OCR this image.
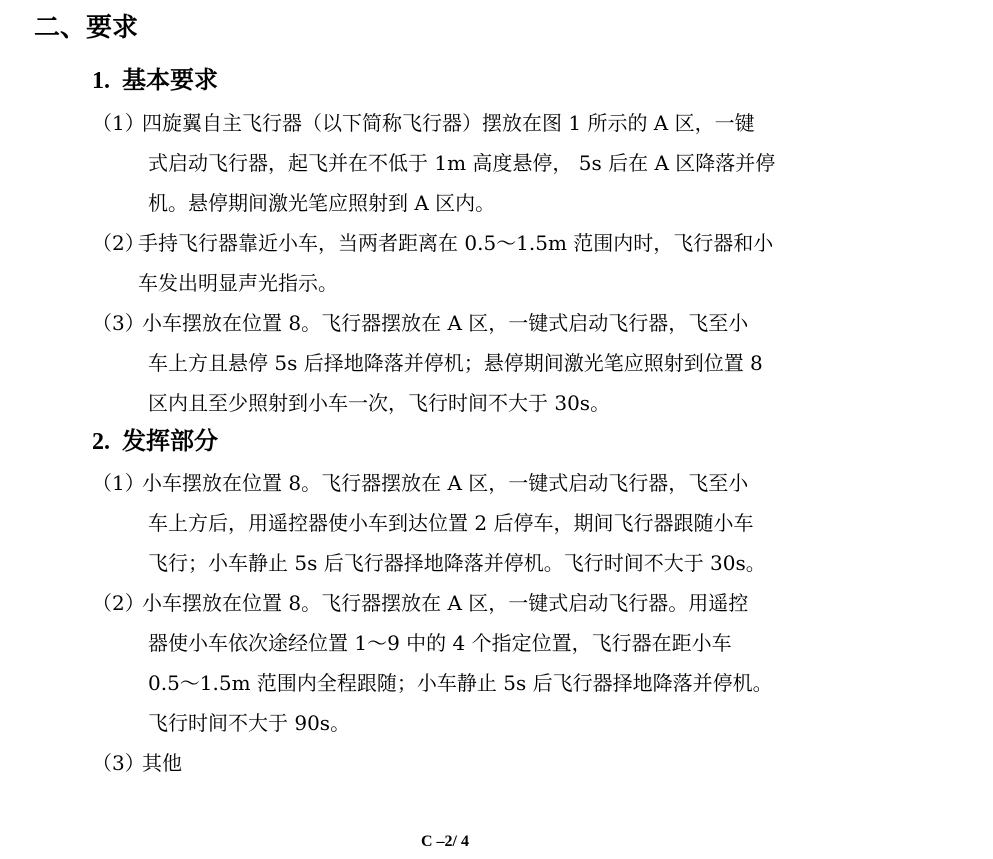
二、要求
1. 基本要求
（1）
四旋翼自主飞行器（以下简称飞行器）摆放在图 1 所示的 A 区，一键
式启动飞行器，起飞并在不低于 1m 高度悬停， 5s 后在 A 区降落并停
机。悬停期间激光笔应照射到 A 区内。
（2）
手持飞行器靠近小车，当两者距离在 0.5～1.5m 范围内时，飞行器和小
车发出明显声光指示。
（3）
小车摆放在位置 8。飞行器摆放在 A 区，一键式启动飞行器，飞至小
车上方且悬停 5s 后择地降落并停机；悬停期间激光笔应照射到位置 8
区内且至少照射到小车一次，飞行时间不大于 30s。
2. 发挥部分
（1）
小车摆放在位置 8。飞行器摆放在 A 区，一键式启动飞行器，飞至小
车上方后，用遥控器使小车到达位置 2 后停车，期间飞行器跟随小车
飞行；小车静止 5s 后飞行器择地降落并停机。飞行时间不大于 30s。
（2）
小车摆放在位置 8。飞行器摆放在 A 区，一键式启动飞行器。用遥控
器使小车依次途经位置 1～9 中的 4 个指定位置，飞行器在距小车
0.5～1.5m 范围内全程跟随；小车静止 5s 后飞行器择地降落并停机。
飞行时间不大于 90s。
（3）
其他
C –2/ 4
